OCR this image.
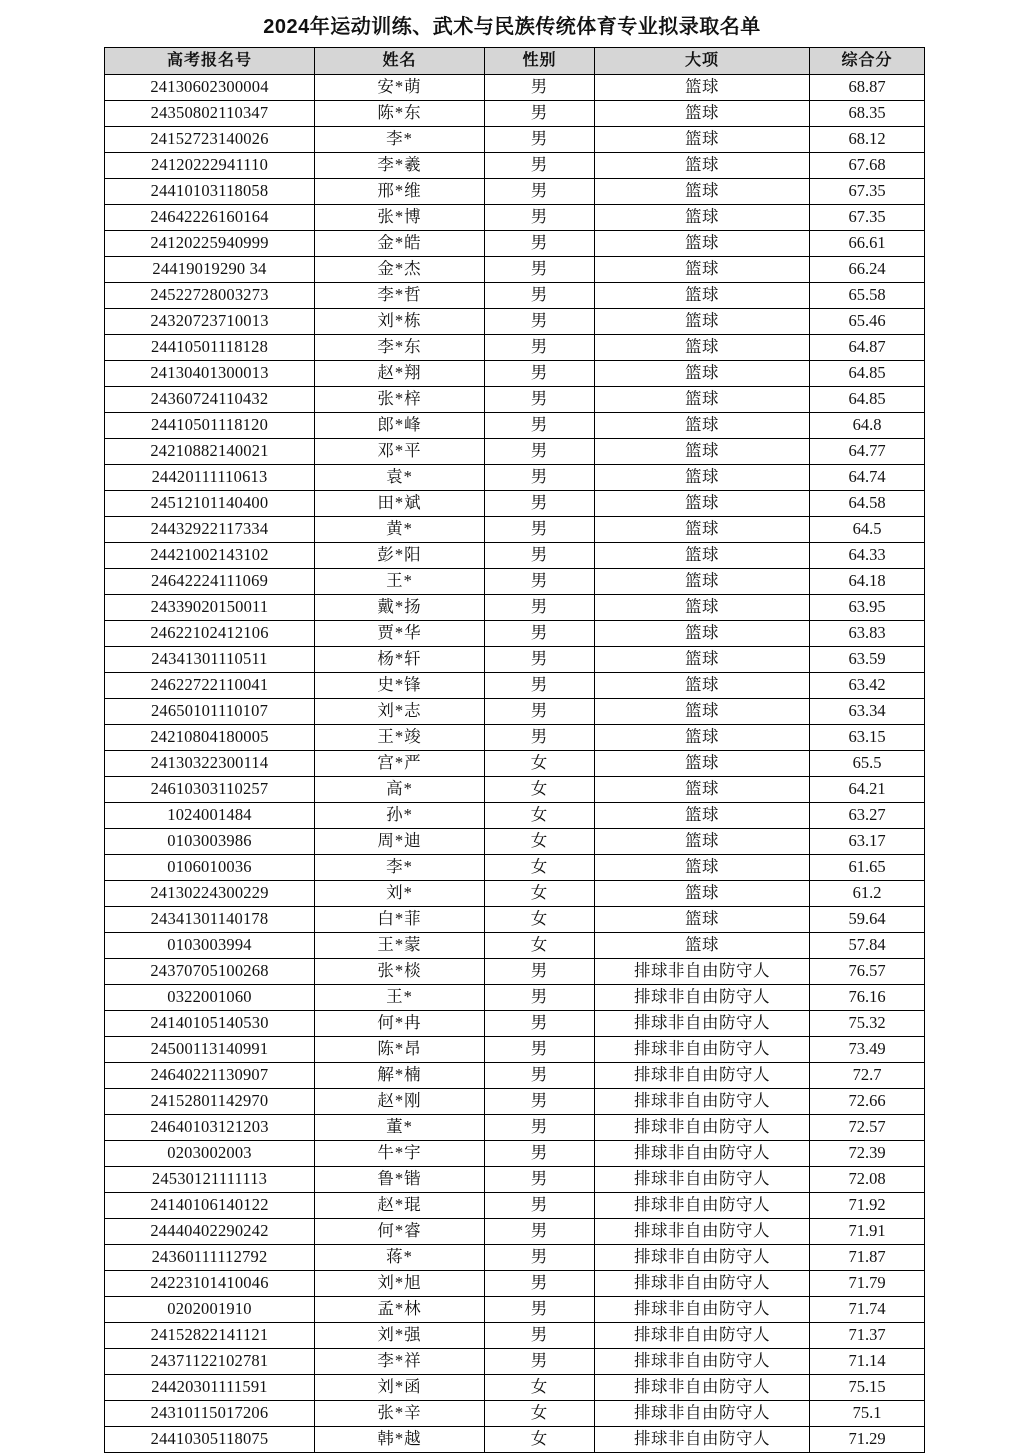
2024年运动训练、武术与民族传统体育专业拟录取名单
高考报名号	姓名	性别	大项	综合分
24130602300004	安*萌	男	篮球	68.87
24350802110347	陈*东	男	篮球	68.35
24152723140026	李*	男	篮球	68.12
24120222941110	李*羲	男	篮球	67.68
24410103118058	邢*维	男	篮球	67.35
24642226160164	张*博	男	篮球	67.35
24120225940999	金*皓	男	篮球	66.61
24419019290 34	金*杰	男	篮球	66.24
24522728003273	李*哲	男	篮球	65.58
24320723710013	刘*栋	男	篮球	65.46
24410501118128	李*东	男	篮球	64.87
24130401300013	赵*翔	男	篮球	64.85
24360724110432	张*梓	男	篮球	64.85
24410501118120	郎*峰	男	篮球	64.8
24210882140021	邓*平	男	篮球	64.77
24420111110613	袁*	男	篮球	64.74
24512101140400	田*斌	男	篮球	64.58
24432922117334	黄*	男	篮球	64.5
24421002143102	彭*阳	男	篮球	64.33
24642224111069	王*	男	篮球	64.18
24339020150011	戴*扬	男	篮球	63.95
24622102412106	贾*华	男	篮球	63.83
24341301110511	杨*轩	男	篮球	63.59
24622722110041	史*锋	男	篮球	63.42
24650101110107	刘*志	男	篮球	63.34
24210804180005	王*竣	男	篮球	63.15
24130322300114	宫*严	女	篮球	65.5
24610303110257	高*	女	篮球	64.21
1024001484	孙*	女	篮球	63.27
0103003986	周*迪	女	篮球	63.17
0106010036	李*	女	篮球	61.65
24130224300229	刘*	女	篮球	61.2
24341301140178	白*菲	女	篮球	59.64
0103003994	王*蒙	女	篮球	57.84
24370705100268	张*棪	男	排球非自由防守人	76.57
0322001060	王*	男	排球非自由防守人	76.16
24140105140530	何*冉	男	排球非自由防守人	75.32
24500113140991	陈*昂	男	排球非自由防守人	73.49
24640221130907	解*楠	男	排球非自由防守人	72.7
24152801142970	赵*刚	男	排球非自由防守人	72.66
24640103121203	董*	男	排球非自由防守人	72.57
0203002003	牛*宇	男	排球非自由防守人	72.39
24530121111113	鲁*锴	男	排球非自由防守人	72.08
24140106140122	赵*琨	男	排球非自由防守人	71.92
24440402290242	何*睿	男	排球非自由防守人	71.91
24360111112792	蒋*	男	排球非自由防守人	71.87
24223101410046	刘*旭	男	排球非自由防守人	71.79
0202001910	孟*林	男	排球非自由防守人	71.74
24152822141121	刘*强	男	排球非自由防守人	71.37
24371122102781	李*祥	男	排球非自由防守人	71.14
24420301111591	刘*函	女	排球非自由防守人	75.15
24310115017206	张*辛	女	排球非自由防守人	75.1
24410305118075	韩*越	女	排球非自由防守人	71.29
